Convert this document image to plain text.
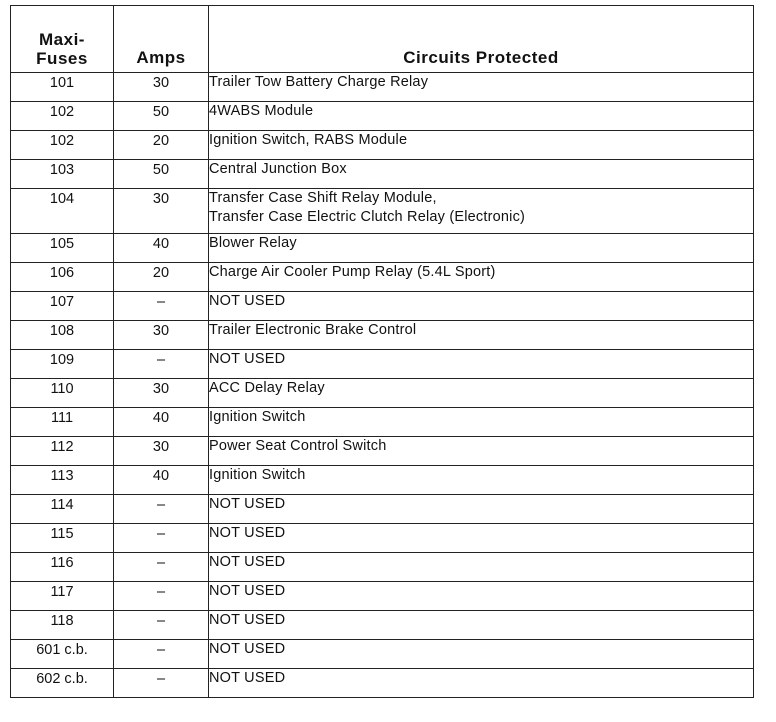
Maxi-
Fuses	Amps	Circuits Protected
101	30	Trailer Tow Battery Charge Relay

102	50	4WABS Module

102	20	Ignition Switch, RABS Module

103	50	Central Junction Box

104	30	Transfer Case Shift Relay Module,
Transfer Case Electric Clutch Relay (Electronic)

105	40	Blower Relay

106	20	Charge Air Cooler Pump Relay (5.4L Sport)

107	–	NOT USED

108	30	Trailer Electronic Brake Control

109	–	NOT USED

110	30	ACC Delay Relay

111	40	Ignition Switch

112	30	Power Seat Control Switch

113	40	Ignition Switch

114	–	NOT USED

115	–	NOT USED

116	–	NOT USED

117	–	NOT USED

118	–	NOT USED

601 c.b.	–	NOT USED

602 c.b.	–	NOT USED
